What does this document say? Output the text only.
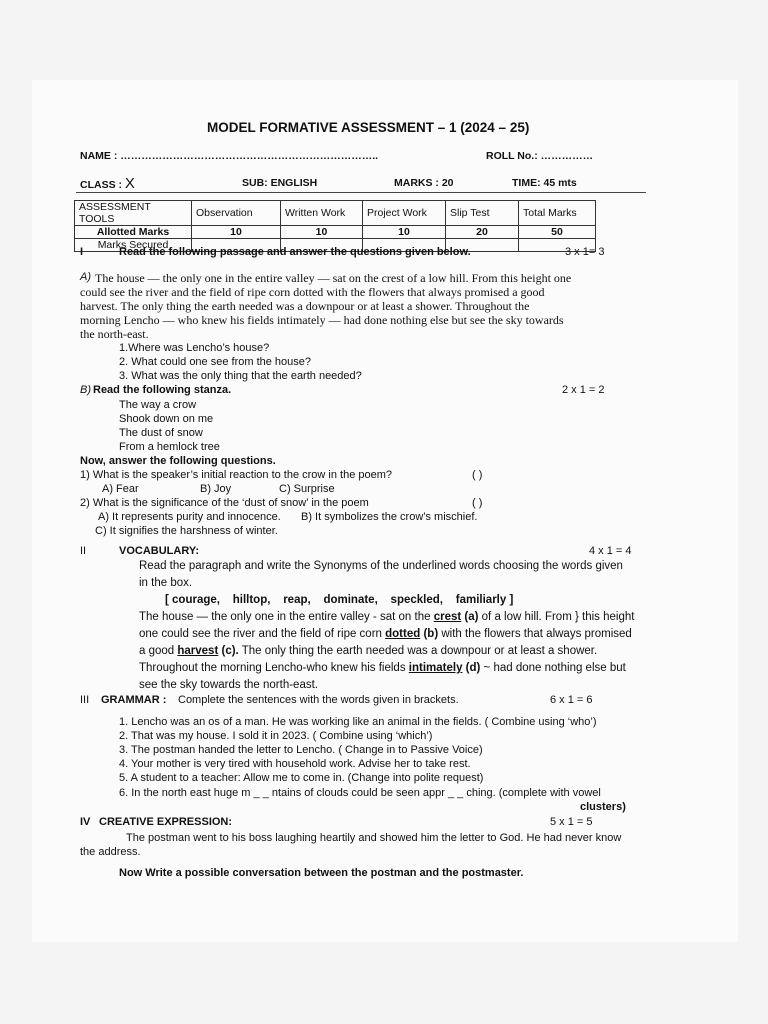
MODEL FORMATIVE ASSESSMENT – 1 (2024 – 25)
NAME : ………………………………………………………………..	ROLL No.: ……………
CLASS : X	SUB: ENGLISH	MARKS : 20	TIME: 45 mts
ASSESSMENT TOOLS	Observation	Written Work	Project Work	Slip Test	Total Marks
Allotted Marks	10	10	10	20	50
Marks Secured					
I	Read the following passage and answer the questions given below.	3 x 1= 3
A) The house — the only one in the entire valley — sat on the crest of a low hill. From this height one
could see the river and the field of ripe corn dotted with the flowers that always promised a good
harvest. The only thing the earth needed was a downpour or at least a shower. Throughout the
morning Lencho — who knew his fields intimately — had done nothing else but see the sky towards
the north-east.
1.Where was Lencho’s house?
2. What could one see from the house?
3. What was the only thing that the earth needed?
B) Read the following stanza.	2 x 1 = 2
The way a crow
Shook down on me
The dust of snow
From a hemlock tree
Now, answer the following questions.
1) What is the speaker’s initial reaction to the crow in the poem?	( )
A) Fear	B) Joy	C) Surprise
2) What is the significance of the ‘dust of snow’ in the poem	( )
A) It represents purity and innocence. B) It symbolizes the crow’s mischief.
C) It signifies the harshness of winter.
II	VOCABULARY:	4 x 1 = 4
Read the paragraph and write the Synonyms of the underlined words choosing the words given
in the box.
[ courage,    hilltop,    reap,    dominate,    speckled,    familiarly ]
The house — the only one in the entire valley - sat on the crest (a) of a low hill. From } this height
one could see the river and the field of ripe corn dotted (b) with the flowers that always promised
a good harvest (c). The only thing the earth needed was a downpour or at least a shower.
Throughout the morning Lencho-who knew his fields intimately (d) ~ had done nothing else but
see the sky towards the north-east.
III GRAMMAR : Complete the sentences with the words given in brackets.	6 x 1 = 6
1. Lencho was an os of a man. He was working like an animal in the fields. ( Combine using ‘who’)
2. That was my house. I sold it in 2023. ( Combine using ‘which’)
3. The postman handed the letter to Lencho. ( Change in to Passive Voice)
4. Your mother is very tired with household work. Advise her to take rest.
5. A student to a teacher: Allow me to come in. (Change into polite request)
6. In the north east huge m _ _ ntains of clouds could be seen appr _ _ ching. (complete with vowel
clusters)
IV CREATIVE EXPRESSION:	5 x 1 = 5
The postman went to his boss laughing heartily and showed him the letter to God. He had never know
the address.
Now Write a possible conversation between the postman and the postmaster.
